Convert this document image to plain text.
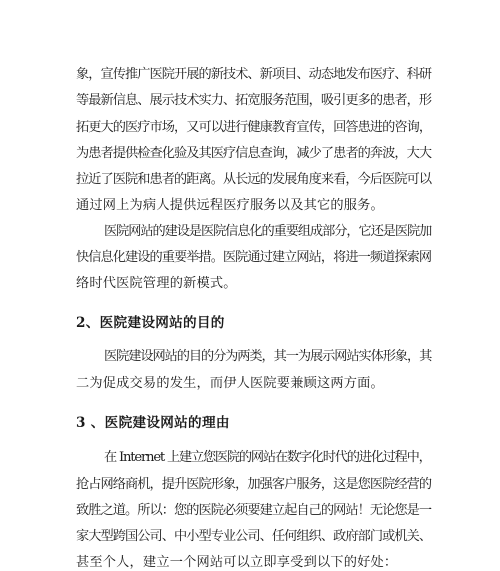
象，宣传推广医院开展的新技术、新项目、动态地发布医疗、科研
等最新信息、展示技术实力、拓宽服务范围，吸引更多的患者，形
拓更大的医疗市场，又可以进行健康教育宣传，回答患进的咨询，
为患者提供检查化验及其医疗信息查询，减少了患者的奔波，大大
拉近了医院和患者的距离。从长远的发展角度来看，今后医院可以
通过网上为病人提供远程医疗服务以及其它的服务。
医院网站的建设是医院信息化的重要组成部分，它还是医院加
快信息化建设的重要举措。医院通过建立网站，将进一频道探索网
络时代医院管理的新模式。
2、医院建设网站的目的
医院建设网站的目的分为两类，其一为展示网站实体形象，其
二为促成交易的发生，而伊人医院要兼顾这两方面。
3 、医院建设网站的理由
在 Internet 上建立您医院的网站在数字化时代的进化过程中，
抢占网络商机，提升医院形象，加强客户服务，这是您医院经营的
致胜之道。所以：您的医院必须要建立起自己的网站！无论您是一
家大型跨国公司、中小型专业公司、任何组织、政府部门或机关、
甚至个人，建立一个网站可以立即享受到以下的好处：
